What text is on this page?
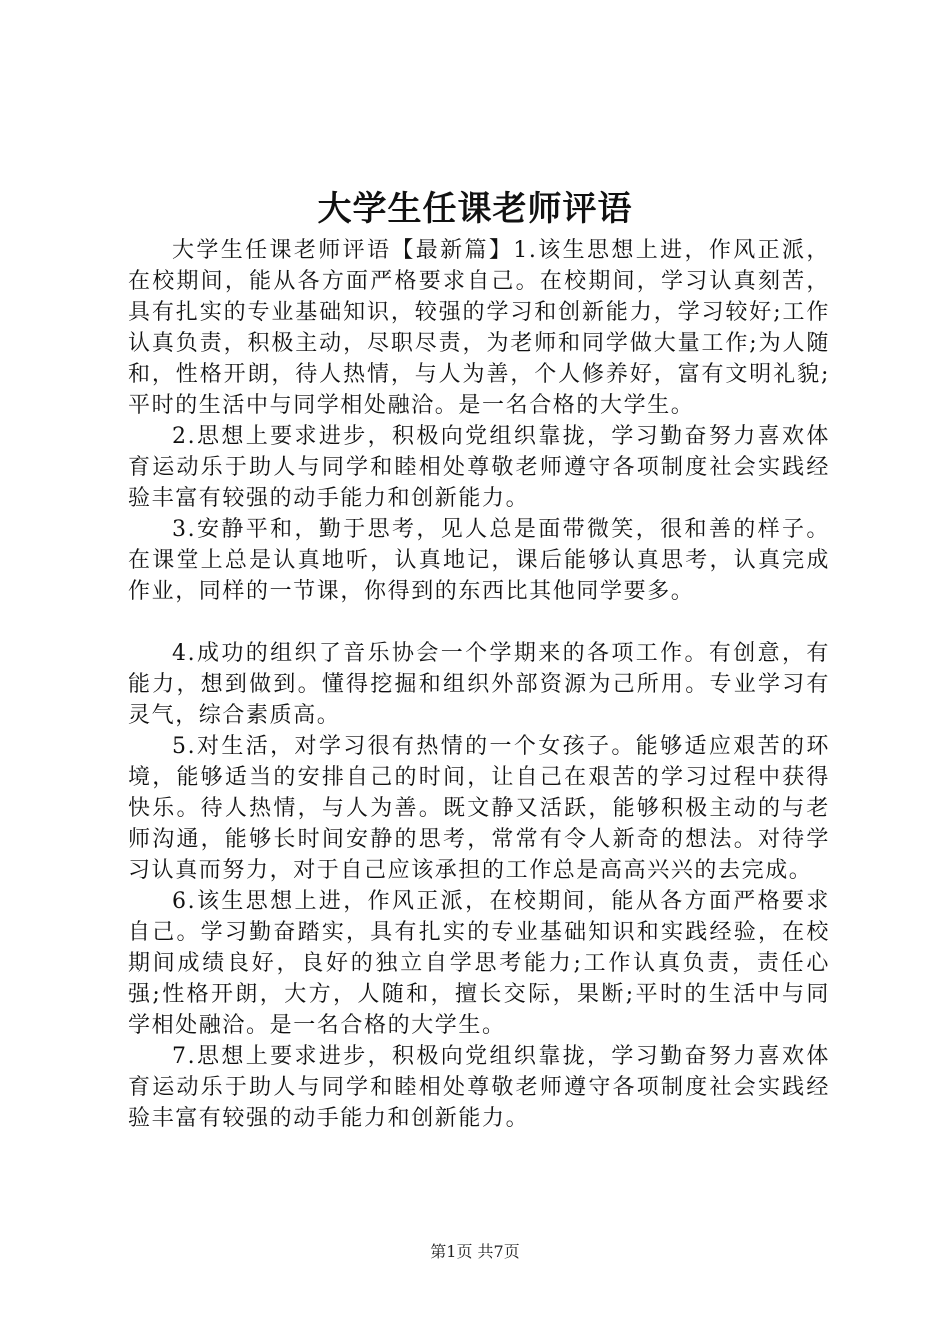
大学生任课老师评语

大学生任课老师评语【最新篇】1.该生思想上进，作风正派，在校期间，能从各方面严格要求自己。在校期间，学习认真刻苦，具有扎实的专业基础知识，较强的学习和创新能力，学习较好;工作认真负责，积极主动，尽职尽责，为老师和同学做大量工作;为人随和，性格开朗，待人热情，与人为善，个人修养好，富有文明礼貌;平时的生活中与同学相处融洽。是一名合格的大学生。

2.思想上要求进步，积极向党组织靠拢，学习勤奋努力喜欢体育运动乐于助人与同学和睦相处尊敬老师遵守各项制度社会实践经验丰富有较强的动手能力和创新能力。

3.安静平和，勤于思考，见人总是面带微笑，很和善的样子。在课堂上总是认真地听，认真地记，课后能够认真思考，认真完成作业，同样的一节课，你得到的东西比其他同学要多。

4.成功的组织了音乐协会一个学期来的各项工作。有创意，有能力，想到做到。懂得挖掘和组织外部资源为己所用。专业学习有灵气，综合素质高。

5.对生活，对学习很有热情的一个女孩子。能够适应艰苦的环境，能够适当的安排自己的时间，让自己在艰苦的学习过程中获得快乐。待人热情，与人为善。既文静又活跃，能够积极主动的与老师沟通，能够长时间安静的思考，常常有令人新奇的想法。对待学习认真而努力，对于自己应该承担的工作总是高高兴兴的去完成。

6.该生思想上进，作风正派，在校期间，能从各方面严格要求自己。学习勤奋踏实，具有扎实的专业基础知识和实践经验，在校期间成绩良好，良好的独立自学思考能力;工作认真负责，责任心强;性格开朗，大方，人随和，擅长交际，果断;平时的生活中与同学相处融洽。是一名合格的大学生。

7.思想上要求进步，积极向党组织靠拢，学习勤奋努力喜欢体育运动乐于助人与同学和睦相处尊敬老师遵守各项制度社会实践经验丰富有较强的动手能力和创新能力。

第1页 共7页
